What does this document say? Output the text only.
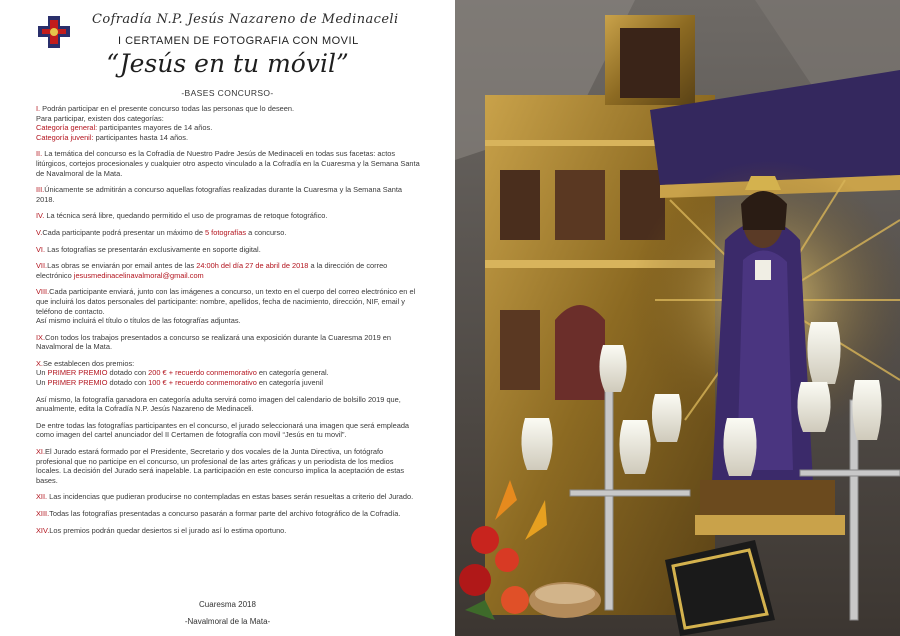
Cofradía N.P. Jesús Nazareno de Medinaceli
I CERTAMEN DE FOTOGRAFIA CON MOVIL
“Jesús en tu móvil”
-BASES CONCURSO-

I. Podrán participar en el presente concurso todas las personas que lo deseen.

Para participar, existen dos categorías:

Categoría general: participantes mayores de 14 años.

Categoría juvenil: participantes hasta 14 años.

II. La temática del concurso es la Cofradía de Nuestro Padre Jesús de Medinaceli en todas sus facetas: actos litúrgicos, cortejos procesionales y cualquier otro aspecto vinculado a la Cofradía en la Cuaresma y la Semana Santa de Navalmoral de la Mata.

III.Únicamente se admitirán a concurso aquellas fotografías realizadas durante la Cuaresma y la Semana Santa 2018.

IV. La técnica será libre, quedando permitido el uso de programas de retoque fotográfico.

V.Cada participante podrá presentar un máximo de 5 fotografías a concurso.

VI. Las fotografías se presentarán exclusivamente en soporte digital.

VII.Las obras se enviarán por email antes de las 24:00h del día 27 de abril de 2018 a la dirección de correo electrónico jesusmedinacelinavalmoral@gmail.com

VIII.Cada participante enviará, junto con las imágenes a concurso, un texto en el cuerpo del correo electrónico en el que incluirá los datos personales del participante: nombre, apellidos, fecha de nacimiento, dirección, NIF, email y teléfono de contacto.

Así mismo incluirá el título o títulos de las fotografías adjuntas.

IX.Con todos los trabajos presentados a concurso se realizará una exposición durante la Cuaresma 2019 en Navalmoral de la Mata.

X.Se establecen dos premios:

Un PRIMER PREMIO dotado con 200 € + recuerdo conmemorativo en categoría general.

Un PRIMER PREMIO dotado con 100 € + recuerdo conmemorativo en categoría juvenil

Así mismo, la fotografía ganadora en categoría adulta servirá como imagen del calendario de bolsillo 2019 que, anualmente, edita la Cofradía N.P. Jesús Nazareno de Medinaceli.

De entre todas las fotografías participantes en el concurso, el jurado seleccionará una imagen que será empleada como imagen del cartel anunciador del II Certamen de fotografía con movil “Jesús en tu movil”.

XI.El Jurado estará formado por el Presidente, Secretario y dos vocales de la Junta Directiva, un fotógrafo profesional que no participe en el concurso, un profesional de las artes gráficas y un periodista de los medios locales. La decisión del Jurado será inapelable. La participación en este concurso implica la aceptación de estas bases.

XII. Las incidencias que pudieran producirse no contempladas en estas bases serán resueltas a criterio del Jurado.

XIII.Todas las fotografías presentadas a concurso pasarán a formar parte del archivo fotográfico de la Cofradía.

XIV.Los premios podrán quedar desiertos si el jurado así lo estima oportuno.

Cuaresma 2018
-Navalmoral de la Mata-
